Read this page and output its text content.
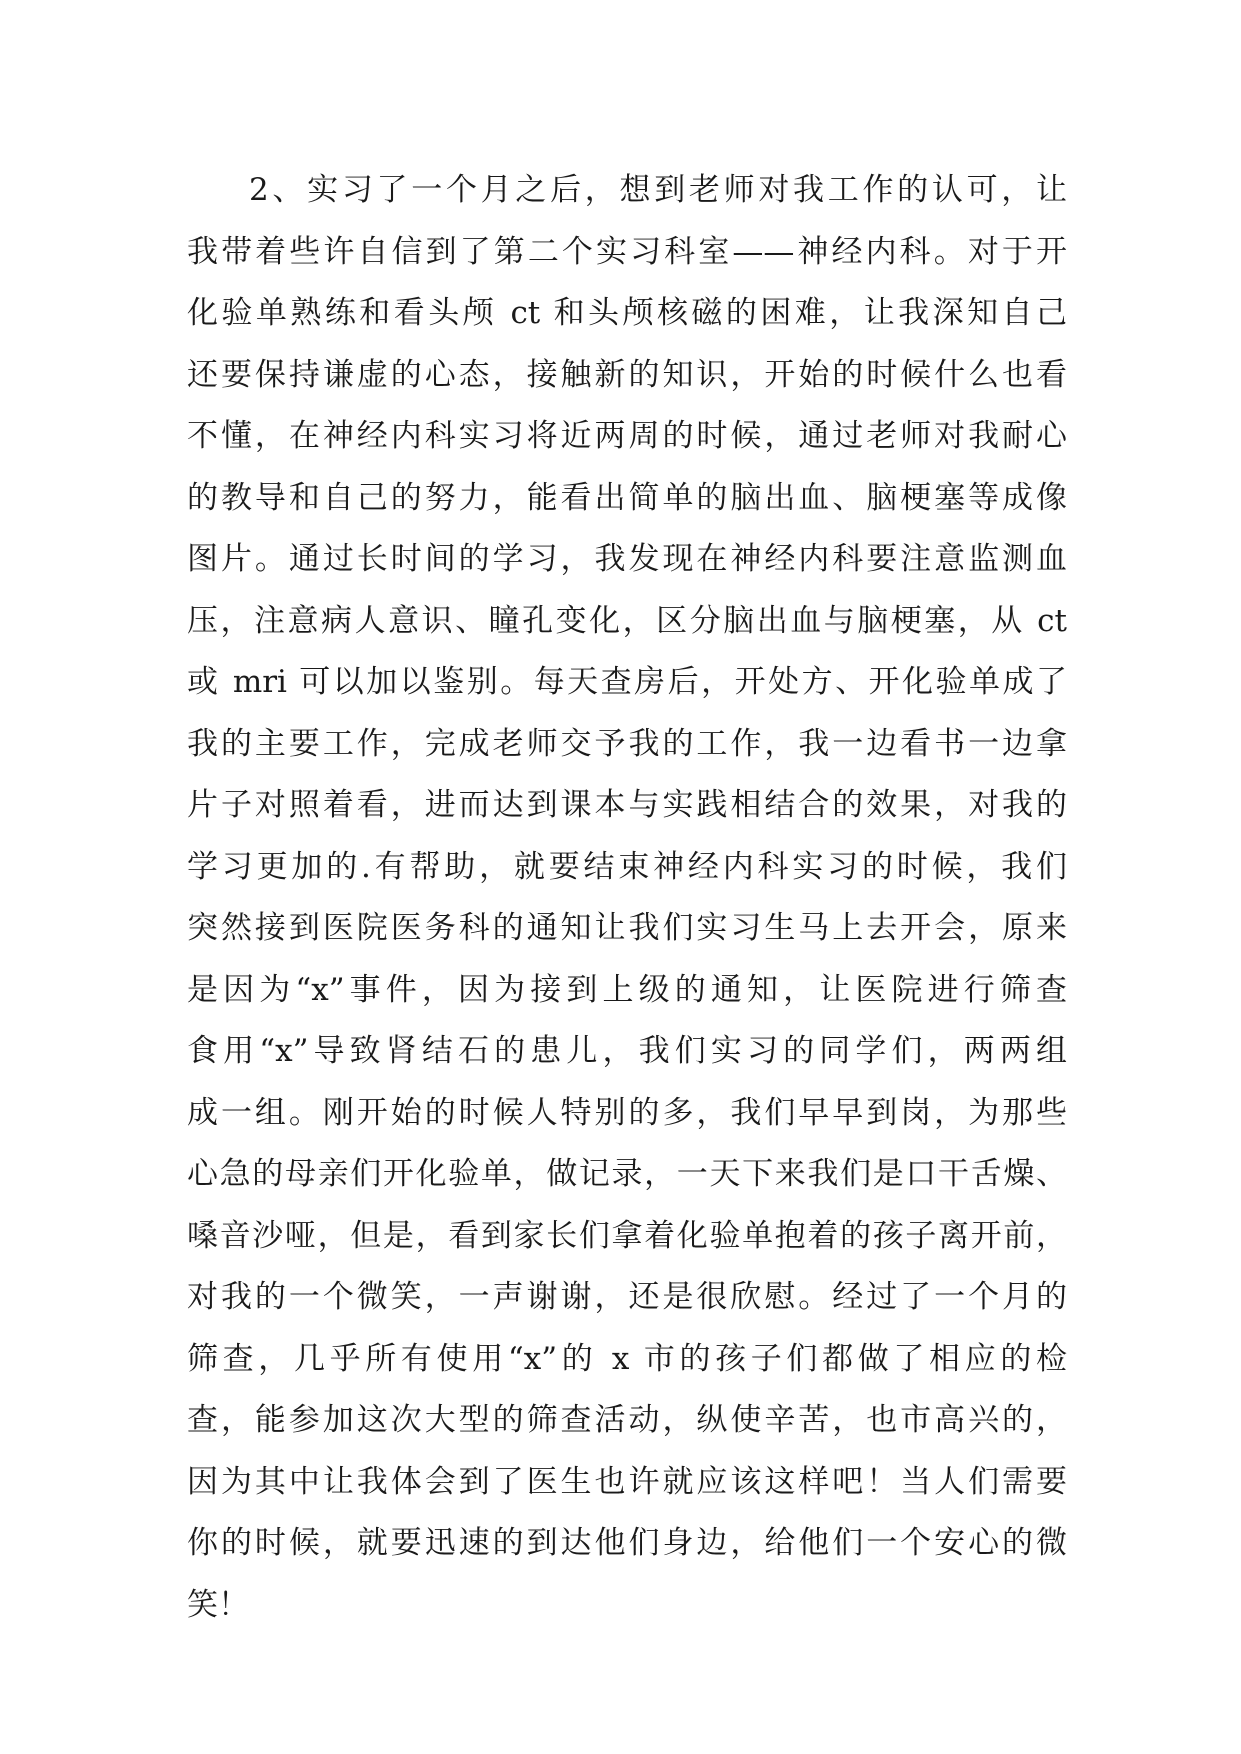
2、实习了一个月之后，想到老师对我工作的认可，让
我带着些许自信到了第二个实习科室——神经内科。对于开
化验单熟练和看头颅 ct 和头颅核磁的困难，让我深知自己
还要保持谦虚的心态，接触新的知识，开始的时候什么也看
不懂，在神经内科实习将近两周的时候，通过老师对我耐心
的教导和自己的努力，能看出简单的脑出血、脑梗塞等成像
图片。通过长时间的学习，我发现在神经内科要注意监测血
压，注意病人意识、瞳孔变化，区分脑出血与脑梗塞，从 ct
或 mri 可以加以鉴别。每天查房后，开处方、开化验单成了
我的主要工作，完成老师交予我的工作，我一边看书一边拿
片子对照着看，进而达到课本与实践相结合的效果，对我的
学习更加的.有帮助，就要结束神经内科实习的时候，我们
突然接到医院医务科的通知让我们实习生马上去开会，原来
是因为“x”事件，因为接到上级的通知，让医院进行筛查
食用“x”导致肾结石的患儿，我们实习的同学们，两两组
成一组。刚开始的时候人特别的多，我们早早到岗，为那些
心急的母亲们开化验单，做记录，一天下来我们是口干舌燥、
嗓音沙哑，但是，看到家长们拿着化验单抱着的孩子离开前，
对我的一个微笑，一声谢谢，还是很欣慰。经过了一个月的
筛查，几乎所有使用“x”的 x 市的孩子们都做了相应的检
查，能参加这次大型的筛查活动，纵使辛苦，也市高兴的，
因为其中让我体会到了医生也许就应该这样吧！当人们需要
你的时候，就要迅速的到达他们身边，给他们一个安心的微
笑！
